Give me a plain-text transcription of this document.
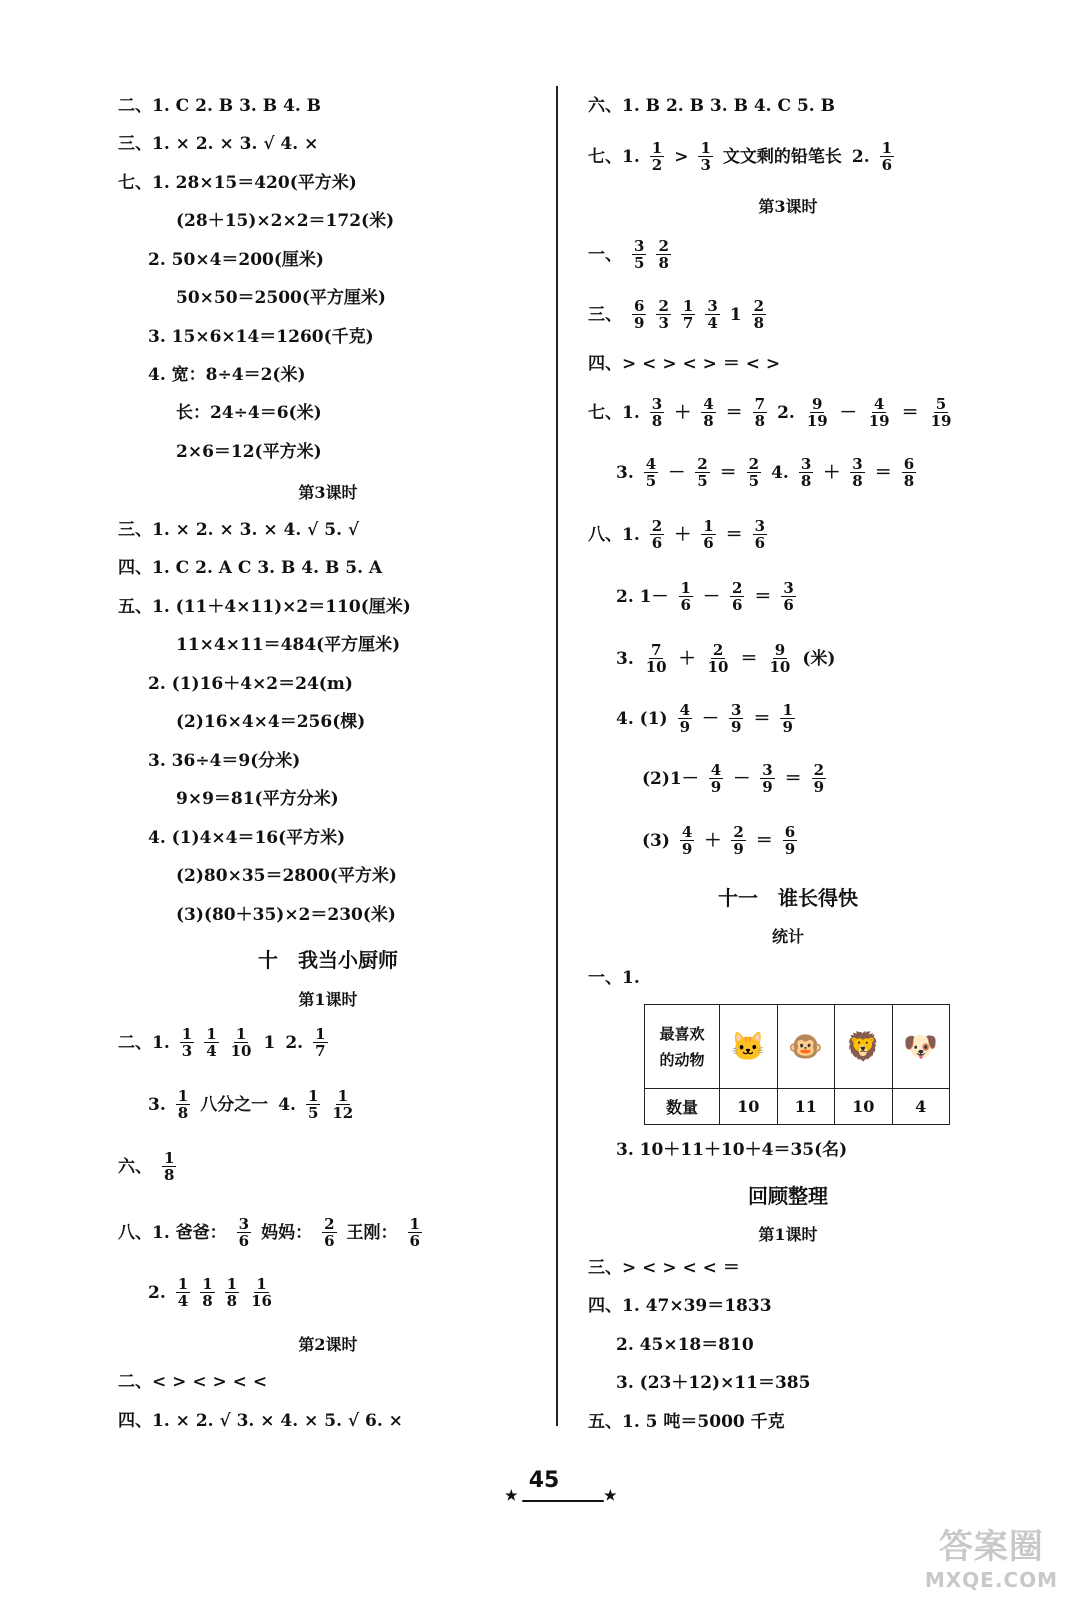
二、1. C 2. B 3. B 4. B
三、1. × 2. × 3. √ 4. ×
七、1. 28×15＝420(平方米)
(28＋15)×2×2＝172(米)
2. 50×4＝200(厘米)
50×50＝2500(平方厘米)
3. 15×6×14＝1260(千克)
4. 宽：8÷4＝2(米)
长：24÷4＝6(米)
2×6＝12(平方米)
第3课时
三、1. × 2. × 3. × 4. √ 5. √
四、1. C 2. A C 3. B 4. B 5. A
五、1. (11＋4×11)×2＝110(厘米)
11×4×11＝484(平方厘米)
2. (1)16＋4×2＝24(m)
(2)16×4×4＝256(棵)
3. 36÷4＝9(分米)
9×9＝81(平方分米)
4. (1)4×4＝16(平方米)
(2)80×35＝2800(平方米)
(3)(80＋35)×2＝230(米)
十　我当小厨师
第1课时
二、1. $\frac{1}{3} \frac{1}{4} \frac{1}{10} 1$ 2. $\frac{1}{7}$
3. $\frac{1}{8}$ 八分之一 4. $\frac{1}{5} \frac{1}{12}$
六、 $\frac{1}{8}$
八、1. 爸爸： $\frac{3}{6}$ 妈妈： $\frac{2}{6}$ 王刚： $\frac{1}{6}$
2. $\frac{1}{4} \frac{1}{8} \frac{1}{8} \frac{1}{16}$
第2课时
二、< > < > < <
四、1. × 2. √ 3. × 4. × 5. √ 6. ×
六、1. B 2. B 3. B 4. C 5. B
七、1. $\frac{1}{2} > \frac{1}{3}$ 文文剩的铅笔长 2. $\frac{1}{6}$
第3课时
一、 $\frac{3}{5} \frac{2}{8}$
三、 $\frac{6}{9} \frac{2}{3} \frac{1}{7} \frac{3}{4} 1 \frac{2}{8}$
四、> < > < > ＝ < >
七、1. $\frac{3}{8} + \frac{4}{8} = \frac{7}{8} 2$. $\frac{9}{19} - \frac{4}{19} = \frac{5}{19}$
3. $\frac{4}{5} - \frac{2}{5} = \frac{2}{5} 4$. $\frac{3}{8} + \frac{3}{8} = \frac{6}{8}$
八、1. $\frac{2}{6} + \frac{1}{6} = \frac{3}{6}$
2. $1- \frac{1}{6} - \frac{2}{6} = \frac{3}{6}$
3. $\frac{7}{10} + \frac{2}{10} = \frac{9}{10}$ (米)
4. $(1) \frac{4}{9} - \frac{3}{9} = \frac{1}{9}$
$(2)1- \frac{4}{9} - \frac{3}{9} = \frac{2}{9}$
$(3) \frac{4}{9} + \frac{2}{9} = \frac{6}{9}$
十一　谁长得快
统计
一、1.
最喜欢
的动物	🐱	🐵	🦁	🐶
数量	10	11	10	4
3. 10＋11＋10＋4＝35(名)
回顾整理
第1课时
三、> < > < < ＝
四、1. 47×39＝1833
2. 45×18＝810
3. (23＋12)×11＝385
五、1. 5 吨＝5000 千克
★
45
★
答案圈
MXQE.COM
